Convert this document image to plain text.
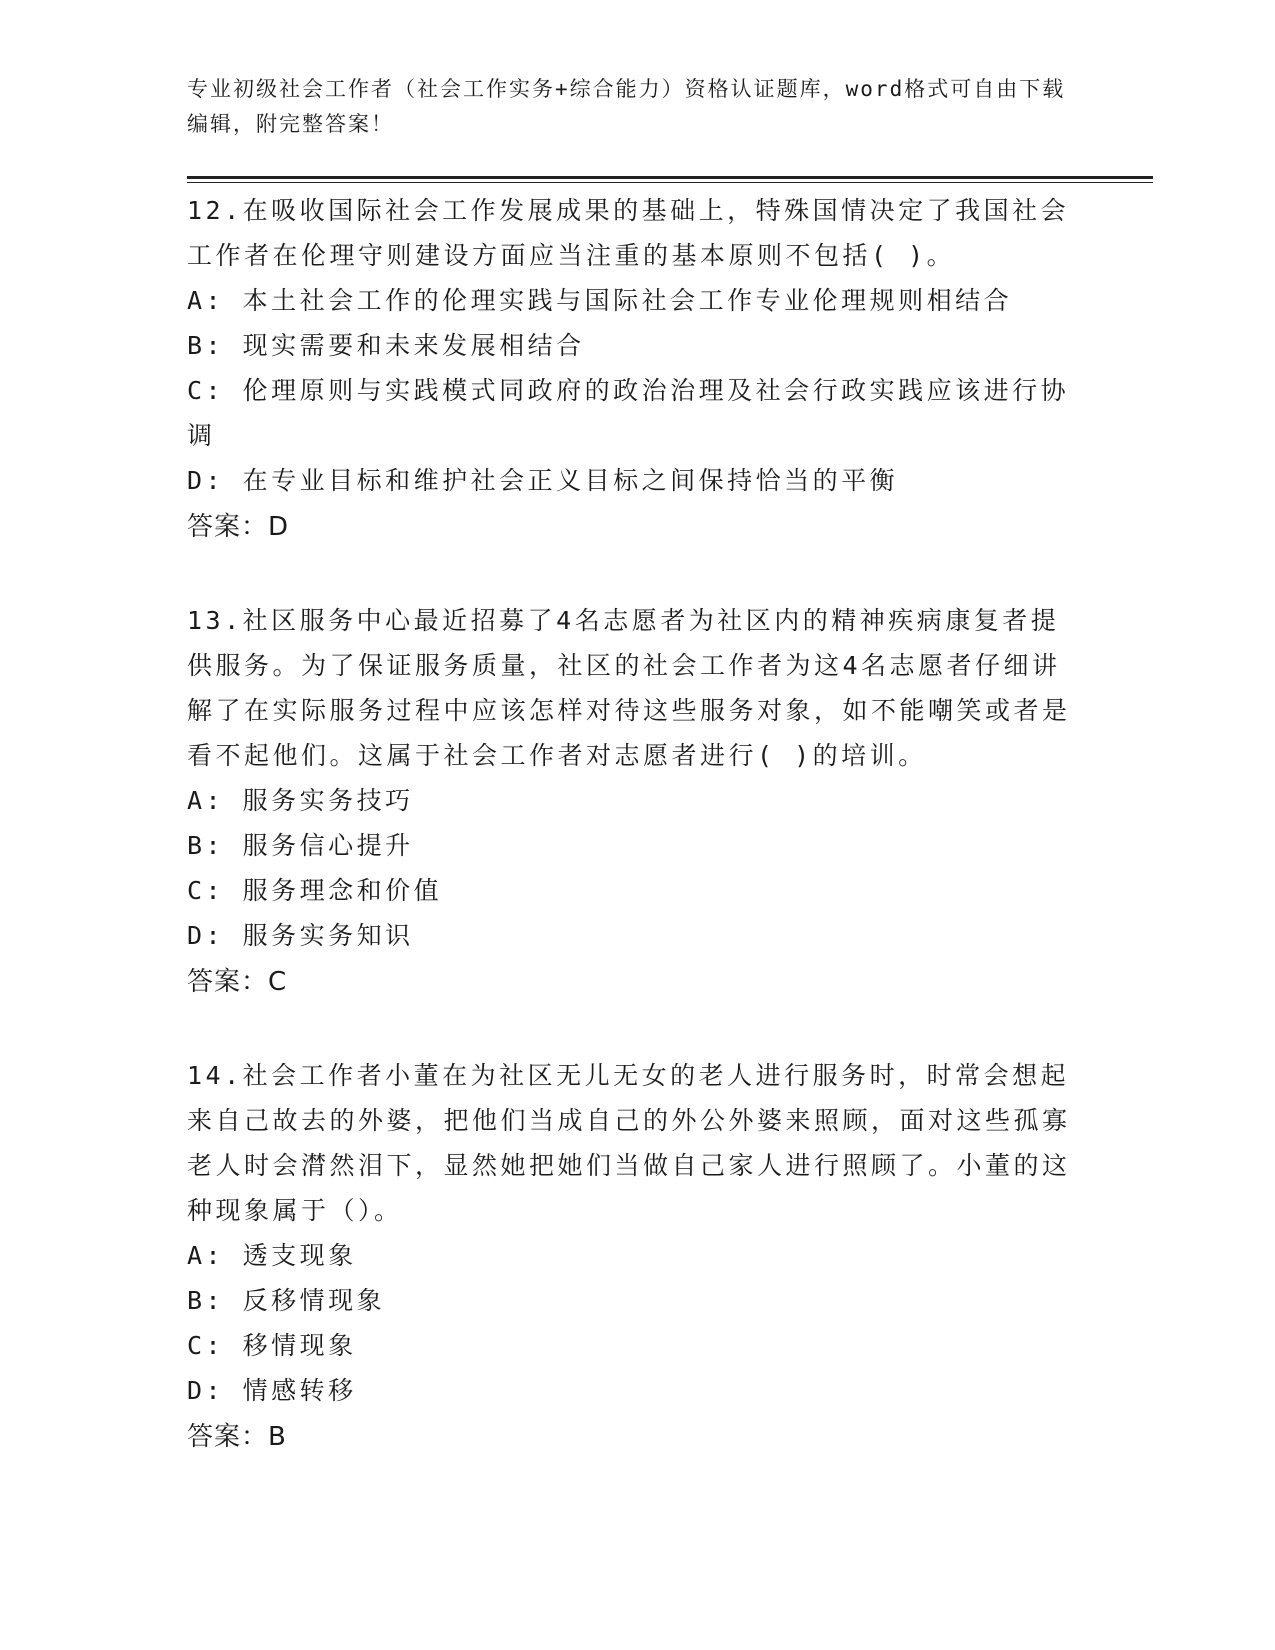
专业初级社会工作者（社会工作实务+综合能力）资格认证题库，word格式可自由下载编辑，附完整答案！
12.在吸收国际社会工作发展成果的基础上，特殊国情决定了我国社会工作者在伦理守则建设方面应当注重的基本原则不包括( )。
A: 本土社会工作的伦理实践与国际社会工作专业伦理规则相结合
B: 现实需要和未来发展相结合
C: 伦理原则与实践模式同政府的政治治理及社会行政实践应该进行协调
D: 在专业目标和维护社会正义目标之间保持恰当的平衡
答案：D
13.社区服务中心最近招募了4名志愿者为社区内的精神疾病康复者提供服务。为了保证服务质量，社区的社会工作者为这4名志愿者仔细讲解了在实际服务过程中应该怎样对待这些服务对象，如不能嘲笑或者是看不起他们。这属于社会工作者对志愿者进行( )的培训。
A: 服务实务技巧
B: 服务信心提升
C: 服务理念和价值
D: 服务实务知识
答案：C
14.社会工作者小董在为社区无儿无女的老人进行服务时，时常会想起来自己故去的外婆，把他们当成自己的外公外婆来照顾，面对这些孤寡老人时会潸然泪下，显然她把她们当做自己家人进行照顾了。小董的这种现象属于（）。
A: 透支现象
B: 反移情现象
C: 移情现象
D: 情感转移
答案：B
